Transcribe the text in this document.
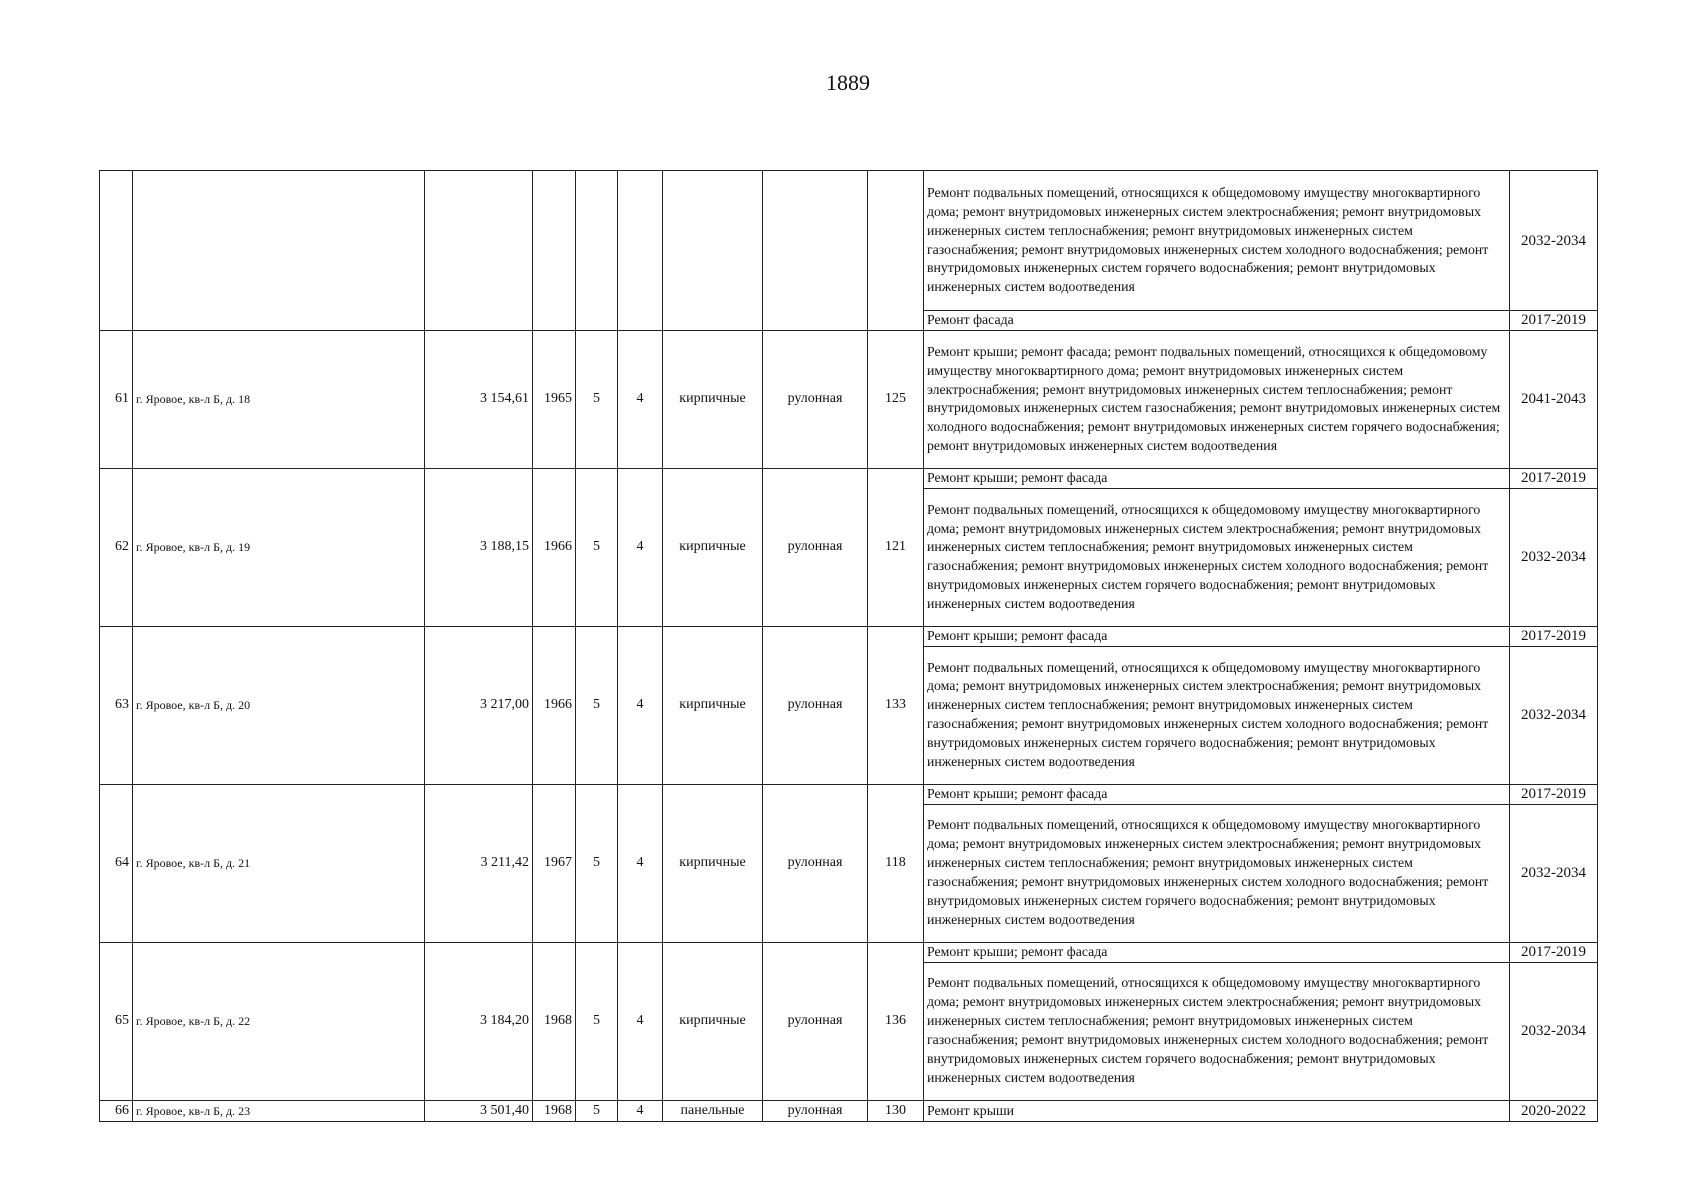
1889
									Ремонт подвальных помещений, относящихся к общедомовому имуществу многоквартирного дома; ремонт внутридомовых инженерных систем электроснабжения; ремонт внутридомовых инженерных систем теплоснабжения; ремонт внутридомовых инженерных систем газоснабжения; ремонт внутридомовых инженерных систем холодного водоснабжения; ремонт внутридомовых инженерных систем горячего водоснабжения; ремонт внутридомовых инженерных систем водоотведения	2032-2034
									Ремонт фасада	2017-2019
61	г. Яровое, кв-л Б, д. 18	3 154,61	1965	5	4	кирпичные	рулонная	125	Ремонт крыши; ремонт фасада; ремонт подвальных помещений, относящихся к общедомовому имуществу многоквартирного дома; ремонт внутридомовых инженерных систем электроснабжения; ремонт внутридомовых инженерных систем теплоснабжения; ремонт внутридомовых инженерных систем газоснабжения; ремонт внутридомовых инженерных систем холодного водоснабжения; ремонт внутридомовых инженерных систем горячего водоснабжения; ремонт внутридомовых инженерных систем водоотведения	2041-2043
62	г. Яровое, кв-л Б, д. 19	3 188,15	1966	5	4	кирпичные	рулонная	121	Ремонт крыши; ремонт фасада	2017-2019
									Ремонт подвальных помещений, относящихся к общедомовому имуществу многоквартирного дома; ремонт внутридомовых инженерных систем электроснабжения; ремонт внутридомовых инженерных систем теплоснабжения; ремонт внутридомовых инженерных систем газоснабжения; ремонт внутридомовых инженерных систем холодного водоснабжения; ремонт внутридомовых инженерных систем горячего водоснабжения; ремонт внутридомовых инженерных систем водоотведения	2032-2034
63	г. Яровое, кв-л Б, д. 20	3 217,00	1966	5	4	кирпичные	рулонная	133	Ремонт крыши; ремонт фасада	2017-2019
									Ремонт подвальных помещений, относящихся к общедомовому имуществу многоквартирного дома; ремонт внутридомовых инженерных систем электроснабжения; ремонт внутридомовых инженерных систем теплоснабжения; ремонт внутридомовых инженерных систем газоснабжения; ремонт внутридомовых инженерных систем холодного водоснабжения; ремонт внутридомовых инженерных систем горячего водоснабжения; ремонт внутридомовых инженерных систем водоотведения	2032-2034
64	г. Яровое, кв-л Б, д. 21	3 211,42	1967	5	4	кирпичные	рулонная	118	Ремонт крыши; ремонт фасада	2017-2019
									Ремонт подвальных помещений, относящихся к общедомовому имуществу многоквартирного дома; ремонт внутридомовых инженерных систем электроснабжения; ремонт внутридомовых инженерных систем теплоснабжения; ремонт внутридомовых инженерных систем газоснабжения; ремонт внутридомовых инженерных систем холодного водоснабжения; ремонт внутридомовых инженерных систем горячего водоснабжения; ремонт внутридомовых инженерных систем водоотведения	2032-2034
65	г. Яровое, кв-л Б, д. 22	3 184,20	1968	5	4	кирпичные	рулонная	136	Ремонт крыши; ремонт фасада	2017-2019
									Ремонт подвальных помещений, относящихся к общедомовому имуществу многоквартирного дома; ремонт внутридомовых инженерных систем электроснабжения; ремонт внутридомовых инженерных систем теплоснабжения; ремонт внутридомовых инженерных систем газоснабжения; ремонт внутридомовых инженерных систем холодного водоснабжения; ремонт внутридомовых инженерных систем горячего водоснабжения; ремонт внутридомовых инженерных систем водоотведения	2032-2034
66	г. Яровое, кв-л Б, д. 23	3 501,40	1968	5	4	панельные	рулонная	130	Ремонт крыши	2020-2022
